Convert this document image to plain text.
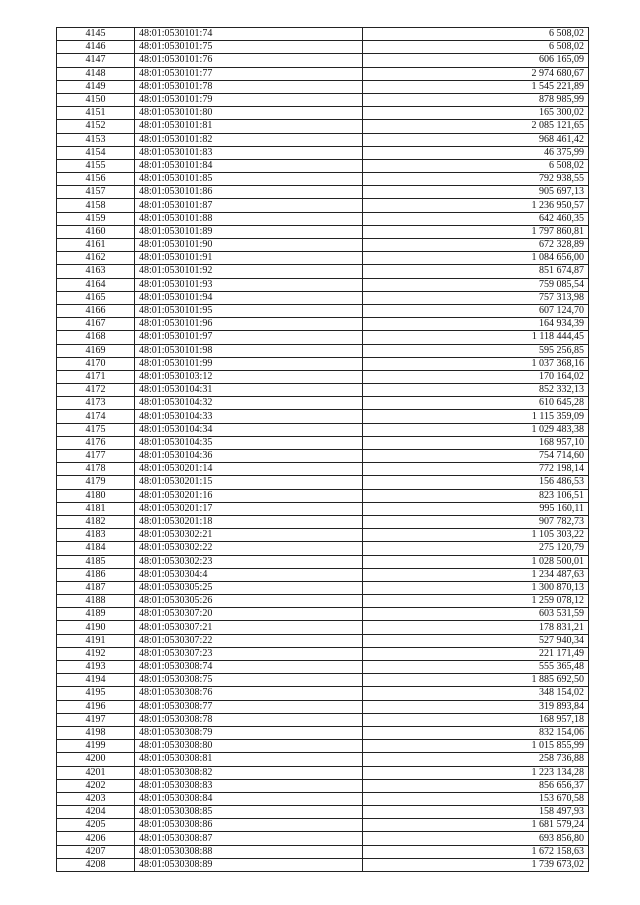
4145	48:01:0530101:74	6 508,02
4146	48:01:0530101:75	6 508,02
4147	48:01:0530101:76	606 165,09
4148	48:01:0530101:77	2 974 680,67
4149	48:01:0530101:78	1 545 221,89
4150	48:01:0530101:79	878 985,99
4151	48:01:0530101:80	165 300,02
4152	48:01:0530101:81	2 085 121,65
4153	48:01:0530101:82	968 461,42
4154	48:01:0530101:83	46 375,99
4155	48:01:0530101:84	6 508,02
4156	48:01:0530101:85	792 938,55
4157	48:01:0530101:86	905 697,13
4158	48:01:0530101:87	1 236 950,57
4159	48:01:0530101:88	642 460,35
4160	48:01:0530101:89	1 797 860,81
4161	48:01:0530101:90	672 328,89
4162	48:01:0530101:91	1 084 656,00
4163	48:01:0530101:92	851 674,87
4164	48:01:0530101:93	759 085,54
4165	48:01:0530101:94	757 313,98
4166	48:01:0530101:95	607 124,70
4167	48:01:0530101:96	164 934,39
4168	48:01:0530101:97	1 118 444,45
4169	48:01:0530101:98	595 256,85
4170	48:01:0530101:99	1 037 368,16
4171	48:01:0530103:12	170 164,02
4172	48:01:0530104:31	852 332,13
4173	48:01:0530104:32	610 645,28
4174	48:01:0530104:33	1 115 359,09
4175	48:01:0530104:34	1 029 483,38
4176	48:01:0530104:35	168 957,10
4177	48:01:0530104:36	754 714,60
4178	48:01:0530201:14	772 198,14
4179	48:01:0530201:15	156 486,53
4180	48:01:0530201:16	823 106,51
4181	48:01:0530201:17	995 160,11
4182	48:01:0530201:18	907 782,73
4183	48:01:0530302:21	1 105 303,22
4184	48:01:0530302:22	275 120,79
4185	48:01:0530302:23	1 028 500,01
4186	48:01:0530304:4	1 234 487,63
4187	48:01:0530305:25	1 300 870,13
4188	48:01:0530305:26	1 259 078,12
4189	48:01:0530307:20	603 531,59
4190	48:01:0530307:21	178 831,21
4191	48:01:0530307:22	527 940,34
4192	48:01:0530307:23	221 171,49
4193	48:01:0530308:74	555 365,48
4194	48:01:0530308:75	1 885 692,50
4195	48:01:0530308:76	348 154,02
4196	48:01:0530308:77	319 893,84
4197	48:01:0530308:78	168 957,18
4198	48:01:0530308:79	832 154,06
4199	48:01:0530308:80	1 015 855,99
4200	48:01:0530308:81	258 736,88
4201	48:01:0530308:82	1 223 134,28
4202	48:01:0530308:83	856 656,37
4203	48:01:0530308:84	153 670,58
4204	48:01:0530308:85	158 497,93
4205	48:01:0530308:86	1 681 579,24
4206	48:01:0530308:87	693 856,80
4207	48:01:0530308:88	1 672 158,63
4208	48:01:0530308:89	1 739 673,02
